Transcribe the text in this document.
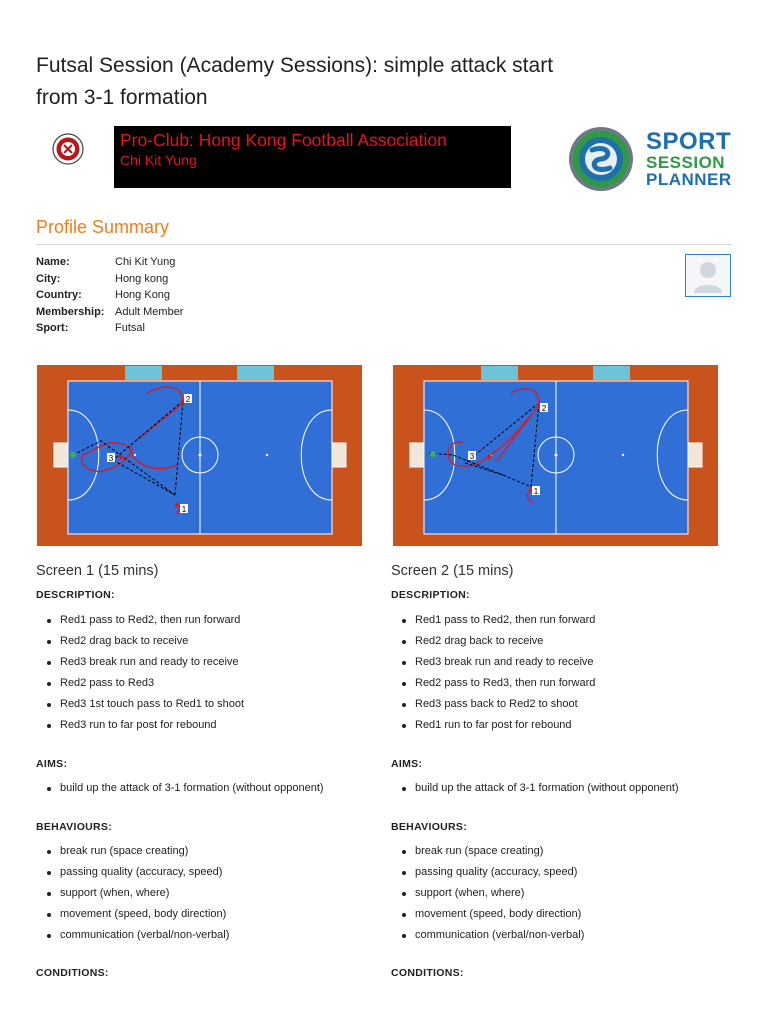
Futsal Session (Academy Sessions): simple attack start
from 3-1 formation
Pro-Club: Hong Kong Football Association
Chi Kit Yung
SPORT
SESSION
PLANNER
Profile Summary
Name:	Chi Kit Yung
City:	Hong kong
Country:	Hong Kong
Membership: Adult Member
Sport:	Futsal
1
2
3
1
2
3
Screen 1 (15 mins)
DESCRIPTION:
Red1 pass to Red2, then run forward
Red2 drag back to receive
Red3 break run and ready to receive
Red2 pass to Red3
Red3 1st touch pass to Red1 to shoot
Red3 run to far post for rebound
AIMS:
build up the attack of 3-1 formation (without opponent)
BEHAVIOURS:
break run (space creating)
passing quality (accuracy, speed)
support (when, where)
movement (speed, body direction)
communication (verbal/non-verbal)
CONDITIONS:
Screen 2 (15 mins)
DESCRIPTION:
Red1 pass to Red2, then run forward
Red2 drag back to receive
Red3 break run and ready to receive
Red2 pass to Red3, then run forward
Red3 pass back to Red2 to shoot
Red1 run to far post for rebound
AIMS:
build up the attack of 3-1 formation (without opponent)
BEHAVIOURS:
break run (space creating)
passing quality (accuracy, speed)
support (when, where)
movement (speed, body direction)
communication (verbal/non-verbal)
CONDITIONS:
